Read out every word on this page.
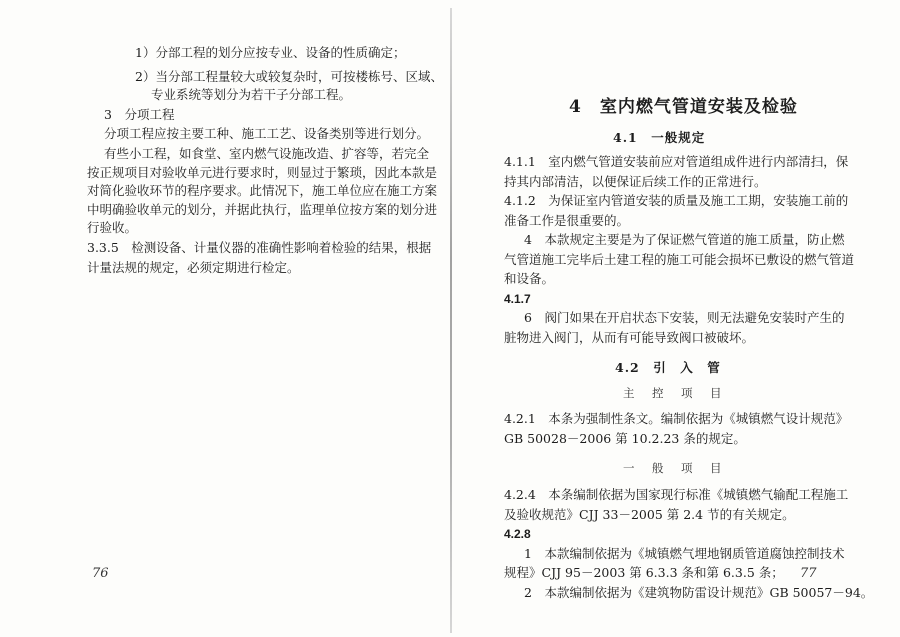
1）分部工程的划分应按专业、设备的性质确定；
2）当分部工程量较大或较复杂时，可按楼栋号、区域、
专业系统等划分为若干子分部工程。
3　分项工程
分项工程应按主要工种、施工工艺、设备类别等进行划分。
有些小工程，如食堂、室内燃气设施改造、扩容等，若完全
按正规项目对验收单元进行要求时，则显过于繁琐，因此本款是
对简化验收环节的程序要求。此情况下，施工单位应在施工方案
中明确验收单元的划分，并据此执行，监理单位按方案的划分进
行验收。
3.3.5　检测设备、计量仪器的准确性影响着检验的结果，根据
计量法规的规定，必须定期进行检定。
76
4　室内燃气管道安装及检验
4.1　一般规定
4.1.1　室内燃气管道安装前应对管道组成件进行内部清扫，保
持其内部清洁，以便保证后续工作的正常进行。
4.1.2　为保证室内管道安装的质量及施工工期，安装施工前的
准备工作是很重要的。
4　本款规定主要是为了保证燃气管道的施工质量，防止燃
气管道施工完毕后土建工程的施工可能会损坏已敷设的燃气管道
和设备。
4.1.7
6　阀门如果在开启状态下安装，则无法避免安装时产生的
脏物进入阀门，从而有可能导致阀口被破坏。
4.2　引　入　管
主　控　项　目
4.2.1　本条为强制性条文。编制依据为《城镇燃气设计规范》
GB 50028－2006 第 10.2.23 条的规定。
一　般　项　目
4.2.4　本条编制依据为国家现行标准《城镇燃气输配工程施工
及验收规范》CJJ 33－2005 第 2.4 节的有关规定。
4.2.8
1　本款编制依据为《城镇燃气埋地钢质管道腐蚀控制技术
规程》CJJ 95－2003 第 6.3.3 条和第 6.3.5 条；
2　本款编制依据为《建筑物防雷设计规范》GB 50057－94。
77
